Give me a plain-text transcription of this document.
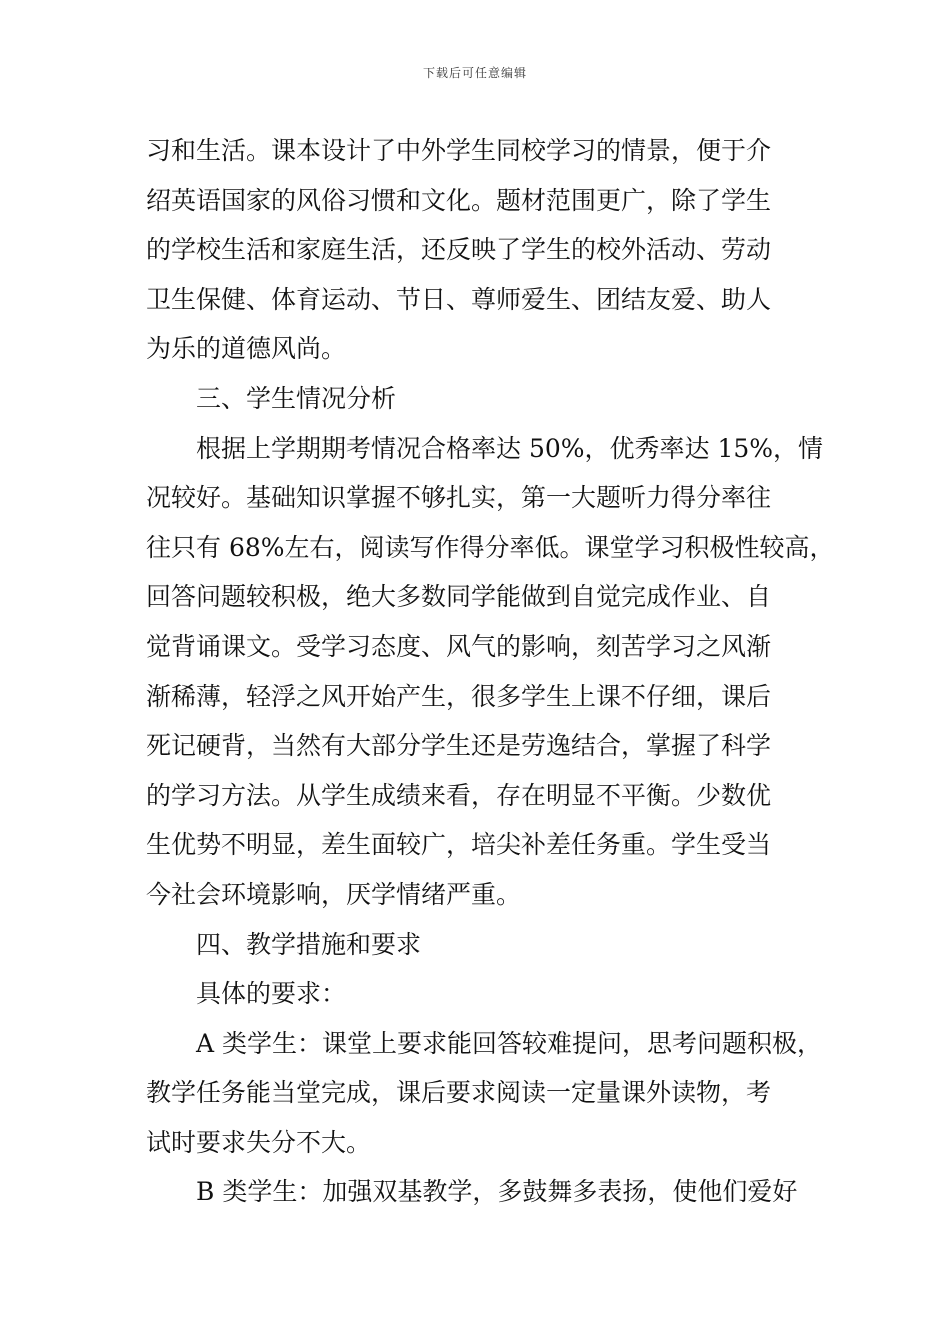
下载后可任意编辑
习和生活。课本设计了中外学生同校学习的情景，便于介
绍英语国家的风俗习惯和文化。题材范围更广，除了学生
的学校生活和家庭生活，还反映了学生的校外活动、劳动
卫生保健、体育运动、节日、尊师爱生、团结友爱、助人
为乐的道德风尚。
三、学生情况分析
根据上学期期考情况合格率达 50%，优秀率达 15%，情
况较好。基础知识掌握不够扎实，第一大题听力得分率往
往只有 68%左右，阅读写作得分率低。课堂学习积极性较高，
回答问题较积极，绝大多数同学能做到自觉完成作业、自
觉背诵课文。受学习态度、风气的影响，刻苦学习之风渐
渐稀薄，轻浮之风开始产生，很多学生上课不仔细，课后
死记硬背，当然有大部分学生还是劳逸结合，掌握了科学
的学习方法。从学生成绩来看，存在明显不平衡。少数优
生优势不明显，差生面较广，培尖补差任务重。学生受当
今社会环境影响，厌学情绪严重。
四、教学措施和要求
具体的要求：
A 类学生：课堂上要求能回答较难提问，思考问题积极，
教学任务能当堂完成，课后要求阅读一定量课外读物，考
试时要求失分不大。
B 类学生：加强双基教学，多鼓舞多表扬，使他们爱好
